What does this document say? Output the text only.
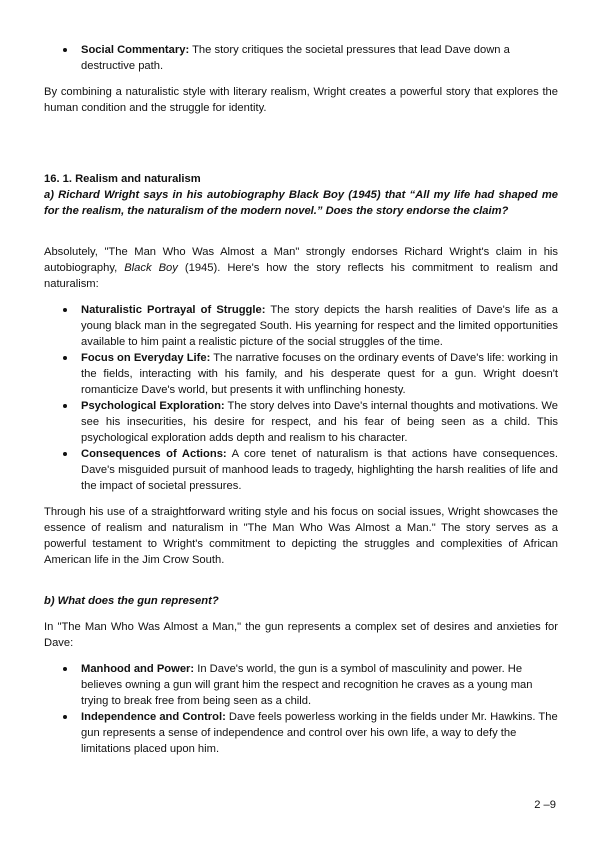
Social Commentary: The story critiques the societal pressures that lead Dave down a destructive path.

By combining a naturalistic style with literary realism, Wright creates a powerful story that explores the human condition and the struggle for identity.

16. 1. Realism and naturalism

a) Richard Wright says in his autobiography Black Boy (1945) that “All my life had shaped me for the realism, the naturalism of the modern novel.” Does the story endorse the claim?

Absolutely, "The Man Who Was Almost a Man" strongly endorses Richard Wright's claim in his autobiography, Black Boy (1945). Here's how the story reflects his commitment to realism and naturalism:

Naturalistic Portrayal of Struggle: The story depicts the harsh realities of Dave's life as a young black man in the segregated South. His yearning for respect and the limited opportunities available to him paint a realistic picture of the social struggles of the time.
Focus on Everyday Life: The narrative focuses on the ordinary events of Dave's life: working in the fields, interacting with his family, and his desperate quest for a gun. Wright doesn't romanticize Dave's world, but presents it with unflinching honesty.
Psychological Exploration: The story delves into Dave's internal thoughts and motivations. We see his insecurities, his desire for respect, and his fear of being seen as a child. This psychological exploration adds depth and realism to his character.
Consequences of Actions: A core tenet of naturalism is that actions have consequences. Dave's misguided pursuit of manhood leads to tragedy, highlighting the harsh realities of life and the impact of societal pressures.

Through his use of a straightforward writing style and his focus on social issues, Wright showcases the essence of realism and naturalism in "The Man Who Was Almost a Man." The story serves as a powerful testament to Wright's commitment to depicting the struggles and complexities of African American life in the Jim Crow South.

b) What does the gun represent?

In "The Man Who Was Almost a Man," the gun represents a complex set of desires and anxieties for Dave:

Manhood and Power: In Dave's world, the gun is a symbol of masculinity and power. He believes owning a gun will grant him the respect and recognition he craves as a young man trying to break free from being seen as a child.
Independence and Control: Dave feels powerless working in the fields under Mr. Hawkins. The gun represents a sense of independence and control over his own life, a way to defy the limitations placed upon him.
2 –9
